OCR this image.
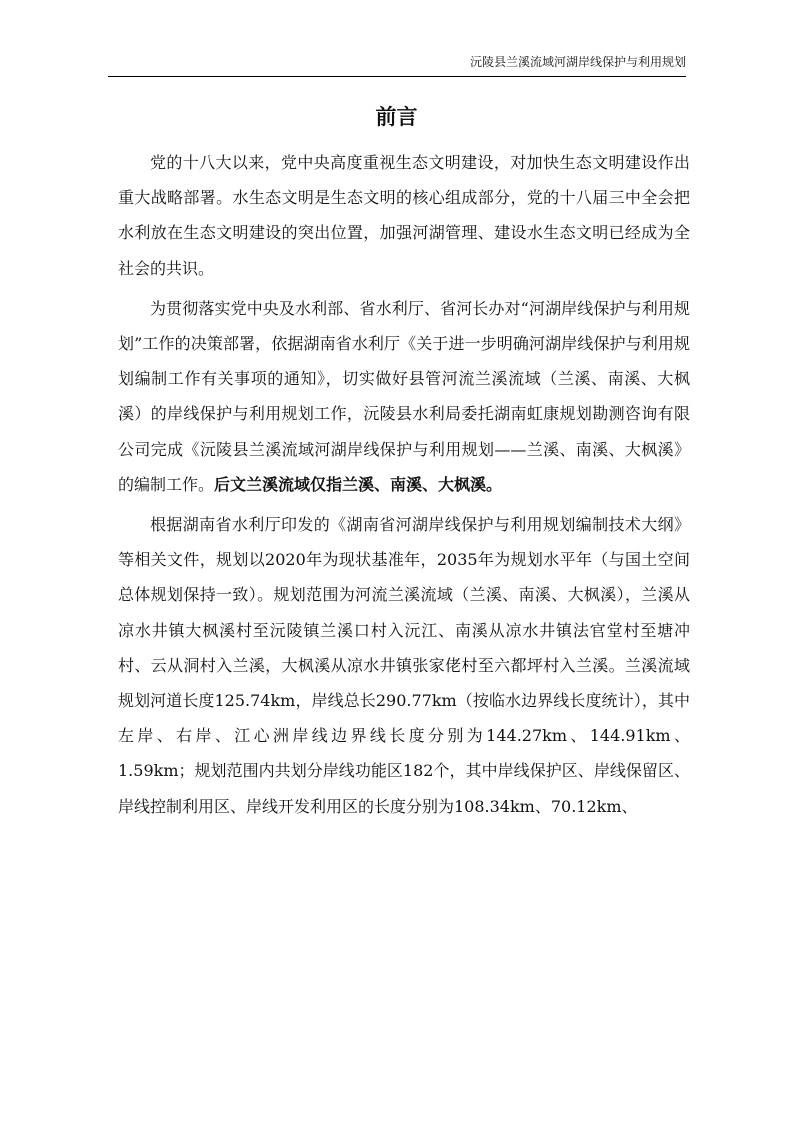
沅陵县兰溪流域河湖岸线保护与利用规划
前言

党的十八大以来，党中央高度重视生态文明建设，对加快生态文明建设作出重大战略部署。水生态文明是生态文明的核心组成部分，党的十八届三中全会把水利放在生态文明建设的突出位置，加强河湖管理、建设水生态文明已经成为全社会的共识。

为贯彻落实党中央及水利部、省水利厅、省河长办对“河湖岸线保护与利用规划”工作的决策部署，依据湖南省水利厅《关于进一步明确河湖岸线保护与利用规划编制工作有关事项的通知》，切实做好县管河流兰溪流域（兰溪、南溪、大枫溪）的岸线保护与利用规划工作，沅陵县水利局委托湖南虹康规划勘测咨询有限公司完成《沅陵县兰溪流域河湖岸线保护与利用规划——兰溪、南溪、大枫溪》的编制工作。后文兰溪流域仅指兰溪、南溪、大枫溪。

根据湖南省水利厅印发的《湖南省河湖岸线保护与利用规划编制技术大纲》等相关文件，规划以2020年为现状基准年，2035年为规划水平年（与国土空间总体规划保持一致）。规划范围为河流兰溪流域（兰溪、南溪、大枫溪），兰溪从凉水井镇大枫溪村至沅陵镇兰溪口村入沅江、南溪从凉水井镇法官堂村至塘冲村、云从洞村入兰溪，大枫溪从凉水井镇张家佬村至六都坪村入兰溪。兰溪流域规划河道长度125.74km，岸线总长290.77km（按临水边界线长度统计），其中左岸、右岸、江心洲岸线边界线长度分别为144.27km、144.91km、1.59km；规划范围内共划分岸线功能区182个，其中岸线保护区、岸线保留区、岸线控制利用区、岸线开发利用区的长度分别为108.34km、70.12km、
